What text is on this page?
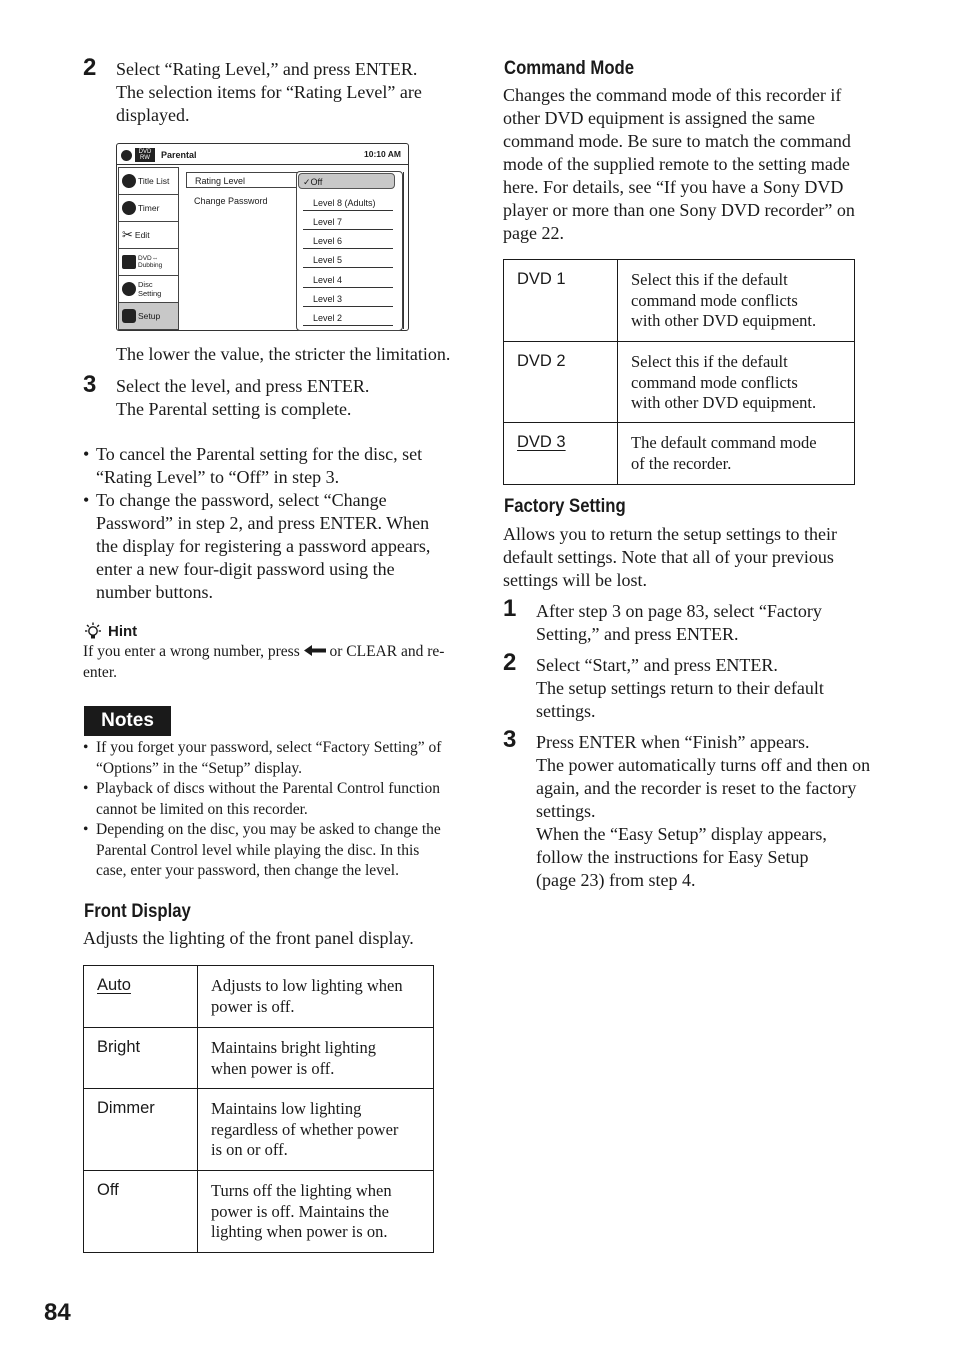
2 Select “Rating Level,” and press ENTER.
The selection items for “Rating Level” are
displayed.
DVD RW	Parental	10:10 AM
Title List
Timer
✂ Edit
DVD⇔ Dubbing
Disc Setting
Setup
Rating Level
Change Password
✓Off
Level 8 (Adults)
Level 7
Level 6
Level 5
Level 4
Level 3
Level 2
The lower the value, the stricter the limitation.
3 Select the level, and press ENTER.
The Parental setting is complete.
• To cancel the Parental setting for the disc, set
“Rating Level” to “Off” in step 3.
• To change the password, select “Change
Password” in step 2, and press ENTER. When
the display for registering a password appears,
enter a new four-digit password using the
number buttons.
Hint
If you enter a wrong number, press or CLEAR and re-
enter.
Notes
• If you forget your password, select “Factory Setting” of
“Options” in the “Setup” display.
• Playback of discs without the Parental Control function
cannot be limited on this recorder.
• Depending on the disc, you may be asked to change the
Parental Control level while playing the disc. In this
case, enter your password, then change the level.
Front Display
Adjusts the lighting of the front panel display.
Auto	Adjusts to low lighting when
power is off.

Bright	Maintains bright lighting
when power is off.

Dimmer	Maintains low lighting
regardless of whether power
is on or off.

Off	Turns off the lighting when
power is off. Maintains the
lighting when power is on.
84
Command Mode
Changes the command mode of this recorder if
other DVD equipment is assigned the same
command mode. Be sure to match the command
mode of the supplied remote to the setting made
here. For details, see “If you have a Sony DVD
player or more than one Sony DVD recorder” on
page 22.
DVD 1	Select this if the default
command mode conflicts
with other DVD equipment.

DVD 2	Select this if the default
command mode conflicts
with other DVD equipment.

DVD 3	The default command mode
of the recorder.
Factory Setting
Allows you to return the setup settings to their
default settings. Note that all of your previous
settings will be lost.
1 After step 3 on page 83, select “Factory
Setting,” and press ENTER.
2 Select “Start,” and press ENTER.
The setup settings return to their default
settings.
3 Press ENTER when “Finish” appears.
The power automatically turns off and then on
again, and the recorder is reset to the factory
settings.
When the “Easy Setup” display appears,
follow the instructions for Easy Setup
(page 23) from step 4.
